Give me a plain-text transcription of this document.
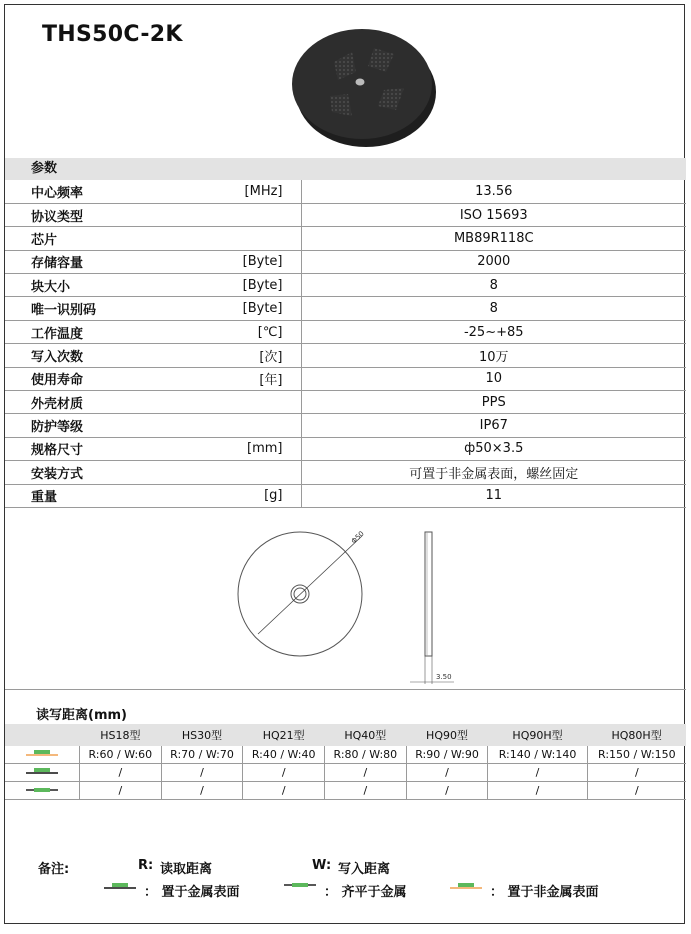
THS50C-2K
参数
中心频率	[MHz]	13.56
协议类型		ISO 15693
芯片		MB89R118C
存储容量	[Byte]	2000
块大小	[Byte]	8
唯一识别码	[Byte]	8
工作温度	[℃]	-25~+85
写入次数	[次]	10万
使用寿命	[年]	10
外壳材质		PPS
防护等级		IP67
规格尺寸	[mm]	ф50×3.5
安装方式		可置于非金属表面，螺丝固定
重量	[g]	11
Φ50
3.50
读写距离(mm)
	HS18型	HS30型	HQ21型	HQ40型	HQ90型	HQ90H型	HQ80H型
	R:60 / W:60	R:70 / W:70	R:40 / W:40	R:80 / W:80	R:90 / W:90	R:140 / W:140	R:150 / W:150
	/	/	/	/	/	/	/
	/	/	/	/	/	/	/
备注:	R: 读取距离	W: 写入距离
： 置于金属表面	： 齐平于金属	： 置于非金属表面
